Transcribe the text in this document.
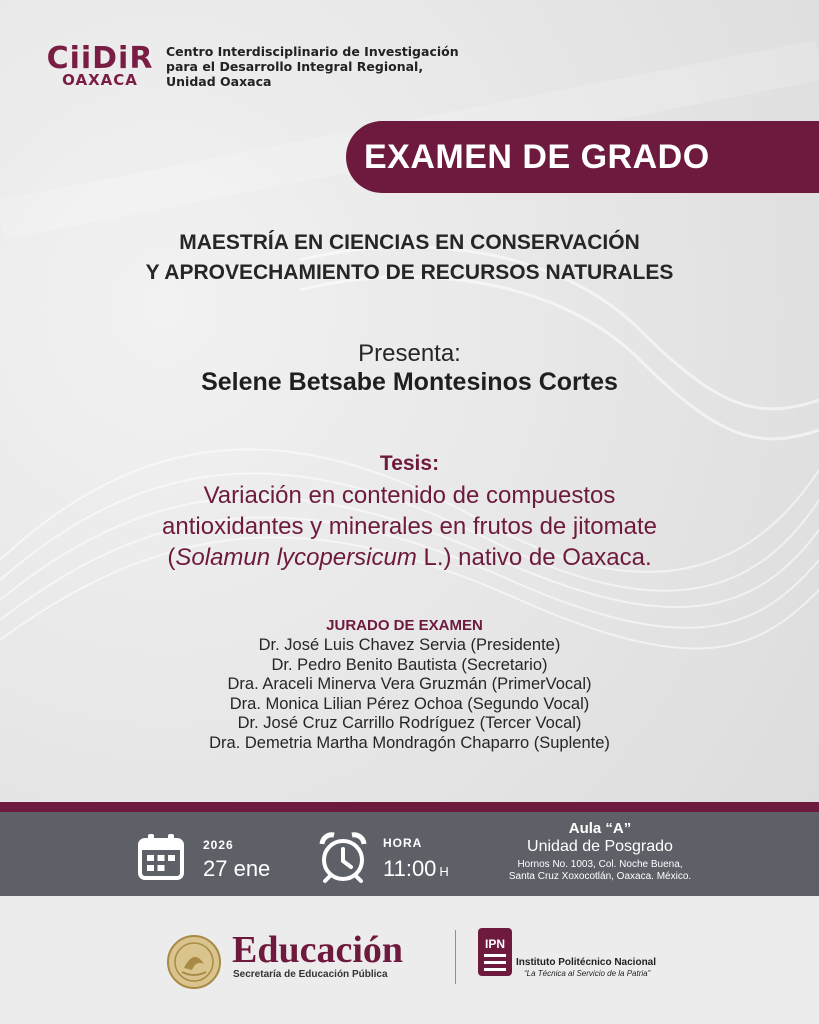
CiiDiR
OAXACA
Centro Interdisciplinario de Investigación
para el Desarrollo Integral Regional,
Unidad Oaxaca
EXAMEN DE GRADO
MAESTRÍA EN CIENCIAS EN CONSERVACIÓN
Y APROVECHAMIENTO DE RECURSOS NATURALES
Presenta:
Selene Betsabe Montesinos Cortes
Tesis:
Variación en contenido de compuestos
antioxidantes y minerales en frutos de jitomate
(Solamun lycopersicum L.) nativo de Oaxaca.
JURADO DE EXAMEN
Dr. José Luis Chavez Servia (Presidente)
Dr. Pedro Benito Bautista (Secretario)
Dra. Araceli Minerva Vera Gruzmán (PrimerVocal)
Dra. Monica Lilian Pérez Ochoa (Segundo Vocal)
Dr. José Cruz Carrillo Rodríguez (Tercer Vocal)
Dra. Demetria Martha Mondragón Chaparro (Suplente)
2026
27 ene
HORA
11:00 H
Aula “A”
Unidad de Posgrado
Hornos No. 1003, Col. Noche Buena,
Santa Cruz Xoxocotlán, Oaxaca. México.
Educación
Secretaría de Educación Pública
IPN
Instituto Politécnico Nacional
“La Técnica al Servicio de la Patria”
